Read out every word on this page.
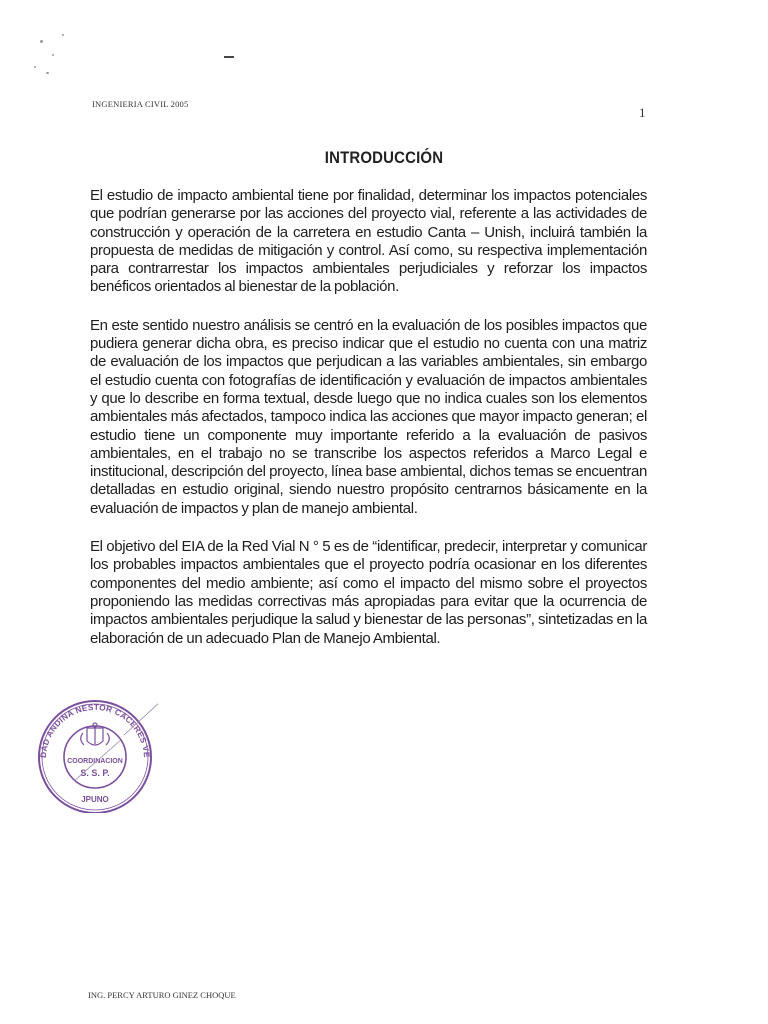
INGENIERIA CIVIL 2005
1
INTRODUCCIÓN

El estudio de impacto ambiental tiene por finalidad, determinar los impactos potenciales que podrían generarse por las acciones del proyecto vial, referente a las actividades de construcción y operación de la carretera en estudio Canta – Unish, incluirá también la propuesta de medidas de mitigación y control. Así como, su respectiva implementación para contrarrestar los impactos ambientales perjudiciales y reforzar los impactos benéficos orientados al bienestar de la población.

En este sentido nuestro análisis se centró en la evaluación de los posibles impactos que pudiera generar dicha obra, es preciso indicar que el estudio no cuenta con una matriz de evaluación de los impactos que perjudican a las variables ambientales, sin embargo el estudio cuenta con fotografías de identificación y evaluación de impactos ambientales y que lo describe en forma textual, desde luego que no indica cuales son los elementos ambientales más afectados, tampoco indica las acciones que mayor impacto generan; el estudio tiene un componente muy importante referido a la evaluación de pasivos ambientales, en el trabajo no se transcribe los aspectos referidos a Marco Legal e institucional, descripción del proyecto, línea base ambiental, dichos temas se encuentran detalladas en estudio original, siendo nuestro propósito centrarnos básicamente en la evaluación de impactos y plan de manejo ambiental.

El objetivo del EIA de la Red Vial N ° 5 es de “identificar, predecir, interpretar y comunicar los probables impactos ambientales que el proyecto podría ocasionar en los diferentes componentes del medio ambiente; así como el impacto del mismo sobre el proyectos proponiendo las medidas correctivas más apropiadas para evitar que la ocurrencia de impactos ambientales perjudique la salud y bienestar de las personas”, sintetizadas en la elaboración de un adecuado Plan de Manejo Ambiental.

DAD ANDINA NESTOR CACERES VE
COORDINACION
S. S. P.
JPUNO
ING. PERCY ARTURO GINEZ CHOQUE
